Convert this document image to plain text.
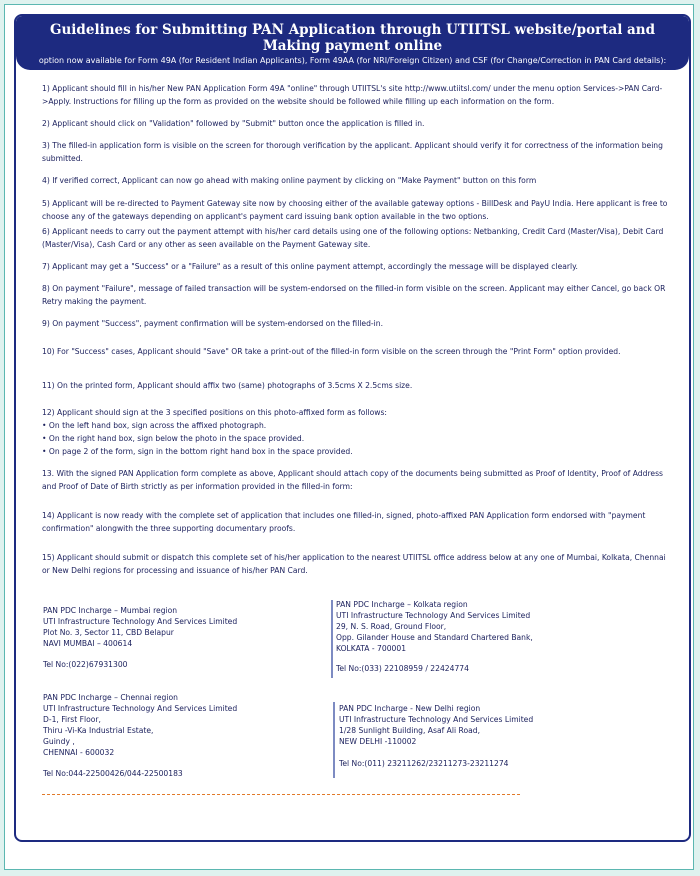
Guidelines for Submitting PAN Application through UTIITSL website/portal and Making payment online
option now available for Form 49A (for Resident Indian Applicants), Form 49AA (for NRI/Foreign Citizen) and CSF (for Change/Correction in PAN Card details):

1) Applicant should fill in his/her New PAN Application Form 49A "online" through UTIITSL's site http://www.utiitsl.com/ under the menu option Services->PAN Card->Apply. Instructions for filling up the form as provided on the website should be followed while filling up each information on the form.

2) Applicant should click on "Validation" followed by "Submit" button once the application is filled in.

3) The filled-in application form is visible on the screen for thorough verification by the applicant. Applicant should verify it for correctness of the information being submitted.

4) If verified correct, Applicant can now go ahead with making online payment by clicking on "Make Payment" button on this form

5) Applicant will be re-directed to Payment Gateway site now by choosing either of the available gateway options - BillDesk and PayU India. Here applicant is free to choose any of the gateways depending on applicant's payment card issuing bank option available in the two options.

6) Applicant needs to carry out the payment attempt with his/her card details using one of the following options: Netbanking, Credit Card (Master/Visa), Debit Card (Master/Visa), Cash Card or any other as seen available on the Payment Gateway site.

7) Applicant may get a "Success" or a "Failure" as a result of this online payment attempt, accordingly the message will be displayed clearly.

8) On payment "Failure", message of failed transaction will be system-endorsed on the filled-in form visible on the screen. Applicant may either Cancel, go back OR Retry making the payment.

9) On payment "Success", payment confirmation will be system-endorsed on the filled-in.

10) For "Success" cases, Applicant should "Save" OR take a print-out of the filled-in form visible on the screen through the "Print Form" option provided.

11) On the printed form, Applicant should affix two (same) photographs of 3.5cms X 2.5cms size.

12) Applicant should sign at the 3 specified positions on this photo-affixed form as follows:

• On the left hand box, sign across the affixed photograph.
• On the right hand box, sign below the photo in the space provided.
• On page 2 of the form, sign in the bottom right hand box in the space provided.

13. With the signed PAN Application form complete as above, Applicant should attach copy of the documents being submitted as Proof of Identity, Proof of Address and Proof of Date of Birth strictly as per information provided in the filled-in form:

14) Applicant is now ready with the complete set of application that includes one filled-in, signed, photo-affixed PAN Application form endorsed with "payment confirmation" alongwith the three supporting documentary proofs.

15) Applicant should submit or dispatch this complete set of his/her application to the nearest UTIITSL office address below at any one of Mumbai, Kolkata, Chennai or New Delhi regions for processing and issuance of his/her PAN Card.

PAN PDC Incharge – Mumbai region
UTI Infrastructure Technology And Services Limited
Plot No. 3, Sector 11, CBD Belapur
NAVI MUMBAI – 400614
Tel No:(022)67931300
PAN PDC Incharge – Kolkata region
UTI Infrastructure Technology And Services Limited
29, N. S. Road, Ground Floor,
Opp. Gilander House and Standard Chartered Bank,
KOLKATA - 700001
Tel No:(033) 22108959 / 22424774
PAN PDC Incharge – Chennai region
UTI Infrastructure Technology And Services Limited
D-1, First Floor,
Thiru -Vi-Ka Industrial Estate,
Guindy ,
CHENNAI - 600032
Tel No:044-22500426/044-22500183
PAN PDC Incharge - New Delhi region
UTI Infrastructure Technology And Services Limited
1/28 Sunlight Building, Asaf Ali Road,
NEW DELHI -110002
Tel No:(011) 23211262/23211273-23211274
